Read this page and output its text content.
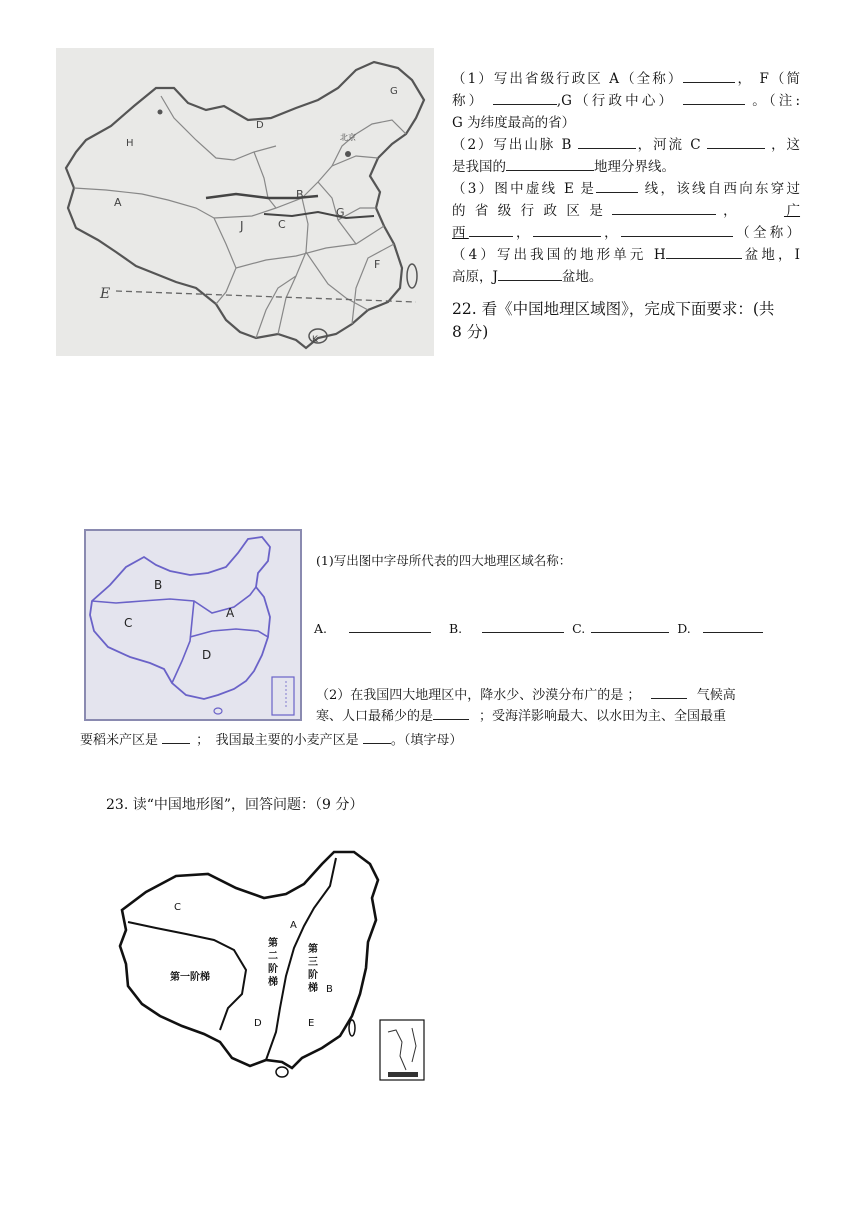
H
A
D
G
北京
B
C
G
J
F
E
K
（1）写出省级行政区 A（全称）	， F（简
称）	,G（行政中心）	。（注:
G 为纬度最高的省）
（2）写出山脉 B	，河流 C	，这
是我国的	地理分界线。
（3）图中虚线 E 是	线，该线自西向东穿过
的 省 级 行 政 区 是	，	广
西	，	，	（全称）
（4）写出我国的地形单元 H	盆地，I
高原，J	盆地。
22. 看《中国地理区域图》，完成下面要求：(共
8 分)
B
A
C
D
(1)写出图中字母所代表的四大地理区域名称：
A.	B.	C.	D.
（2）在我国四大地理区中，降水少、沙漠分布广的是 ；	气候高
寒、人口最稀少的是	；受海洋影响最大、以水田为主、全国最重
要稻米产区是	；　我国最主要的小麦产区是 。（填字母）
23. 读“中国地形图”，回答问题：（9 分）
C
A
B
D	E
第一阶梯
第
二
阶
梯
第
三
阶
梯
